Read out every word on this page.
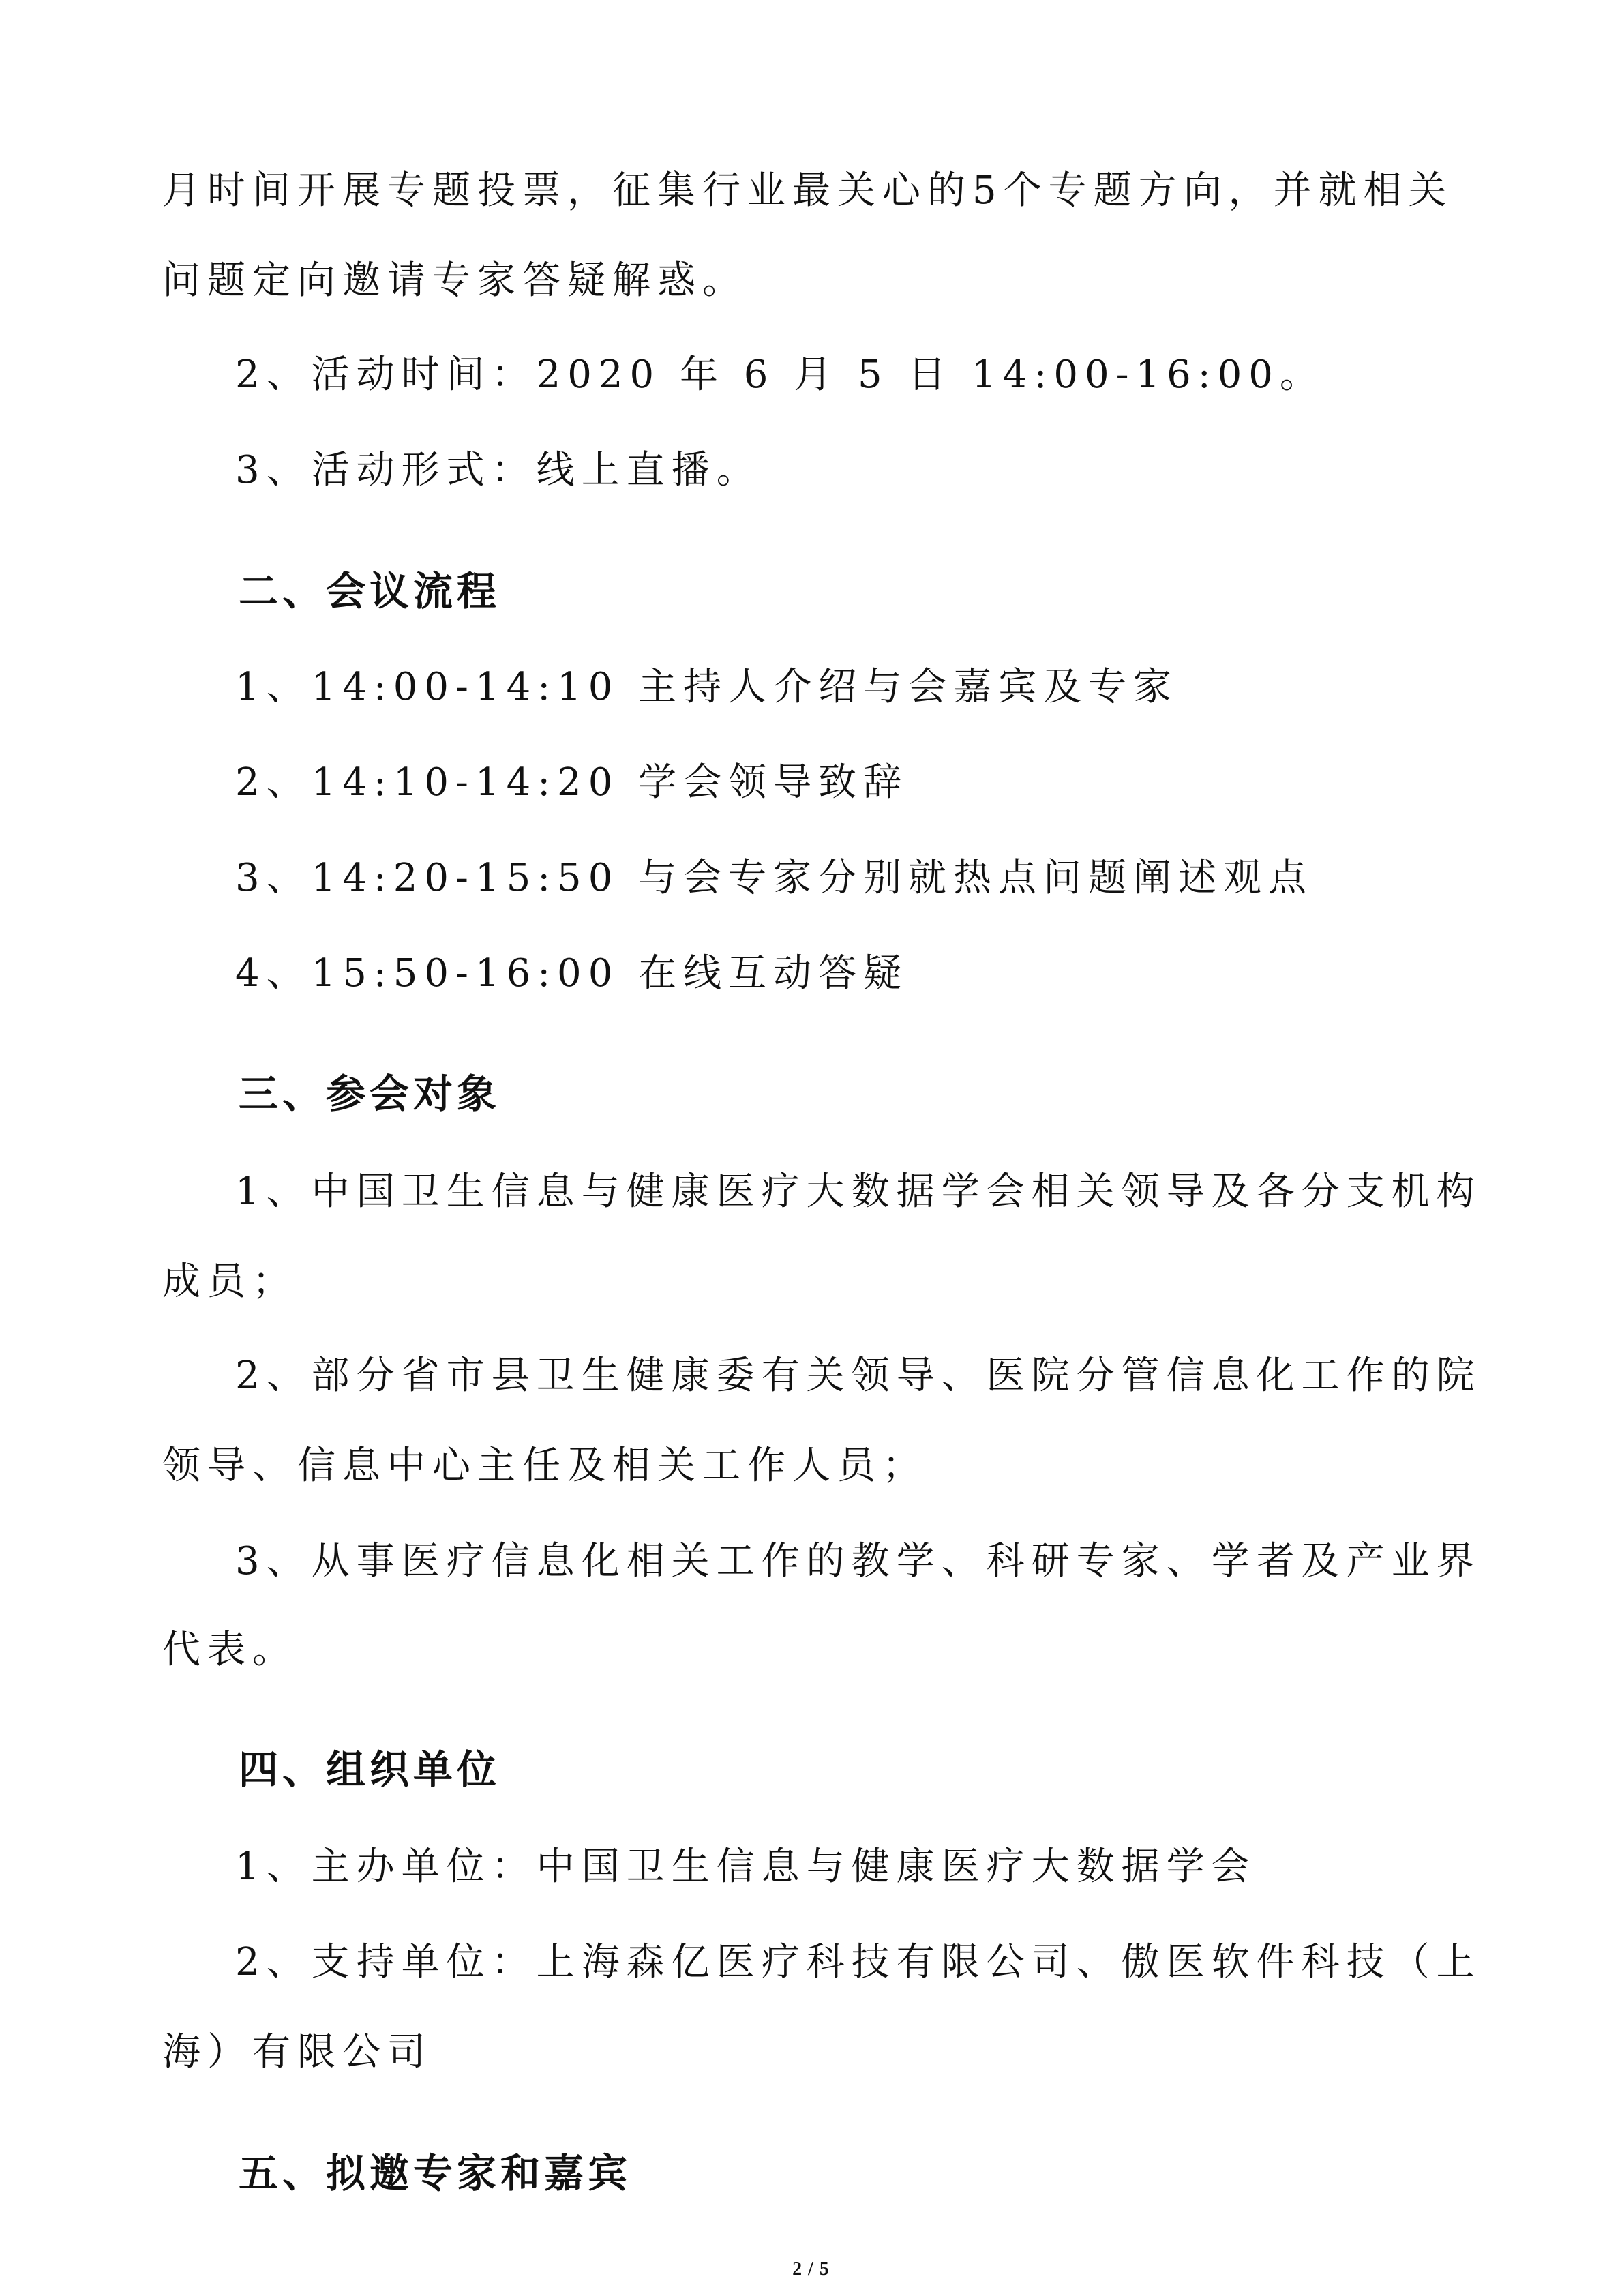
月时间开展专题投票，征集行业最关心的5个专题方向，并就相关
问题定向邀请专家答疑解惑。
2、活动时间：2020 年 6 月 5 日 14:00-16:00。
3、活动形式：线上直播。
二、会议流程
1、14:00-14:10 主持人介绍与会嘉宾及专家
2、14:10-14:20 学会领导致辞
3、14:20-15:50 与会专家分别就热点问题阐述观点
4、15:50-16:00 在线互动答疑
三、参会对象
1、中国卫生信息与健康医疗大数据学会相关领导及各分支机构
成员；
2、部分省市县卫生健康委有关领导、医院分管信息化工作的院
领导、信息中心主任及相关工作人员；
3、从事医疗信息化相关工作的教学、科研专家、学者及产业界
代表。
四、组织单位
1、主办单位：中国卫生信息与健康医疗大数据学会
2、支持单位：上海森亿医疗科技有限公司、傲医软件科技（上
海）有限公司
五、拟邀专家和嘉宾
2 / 5
